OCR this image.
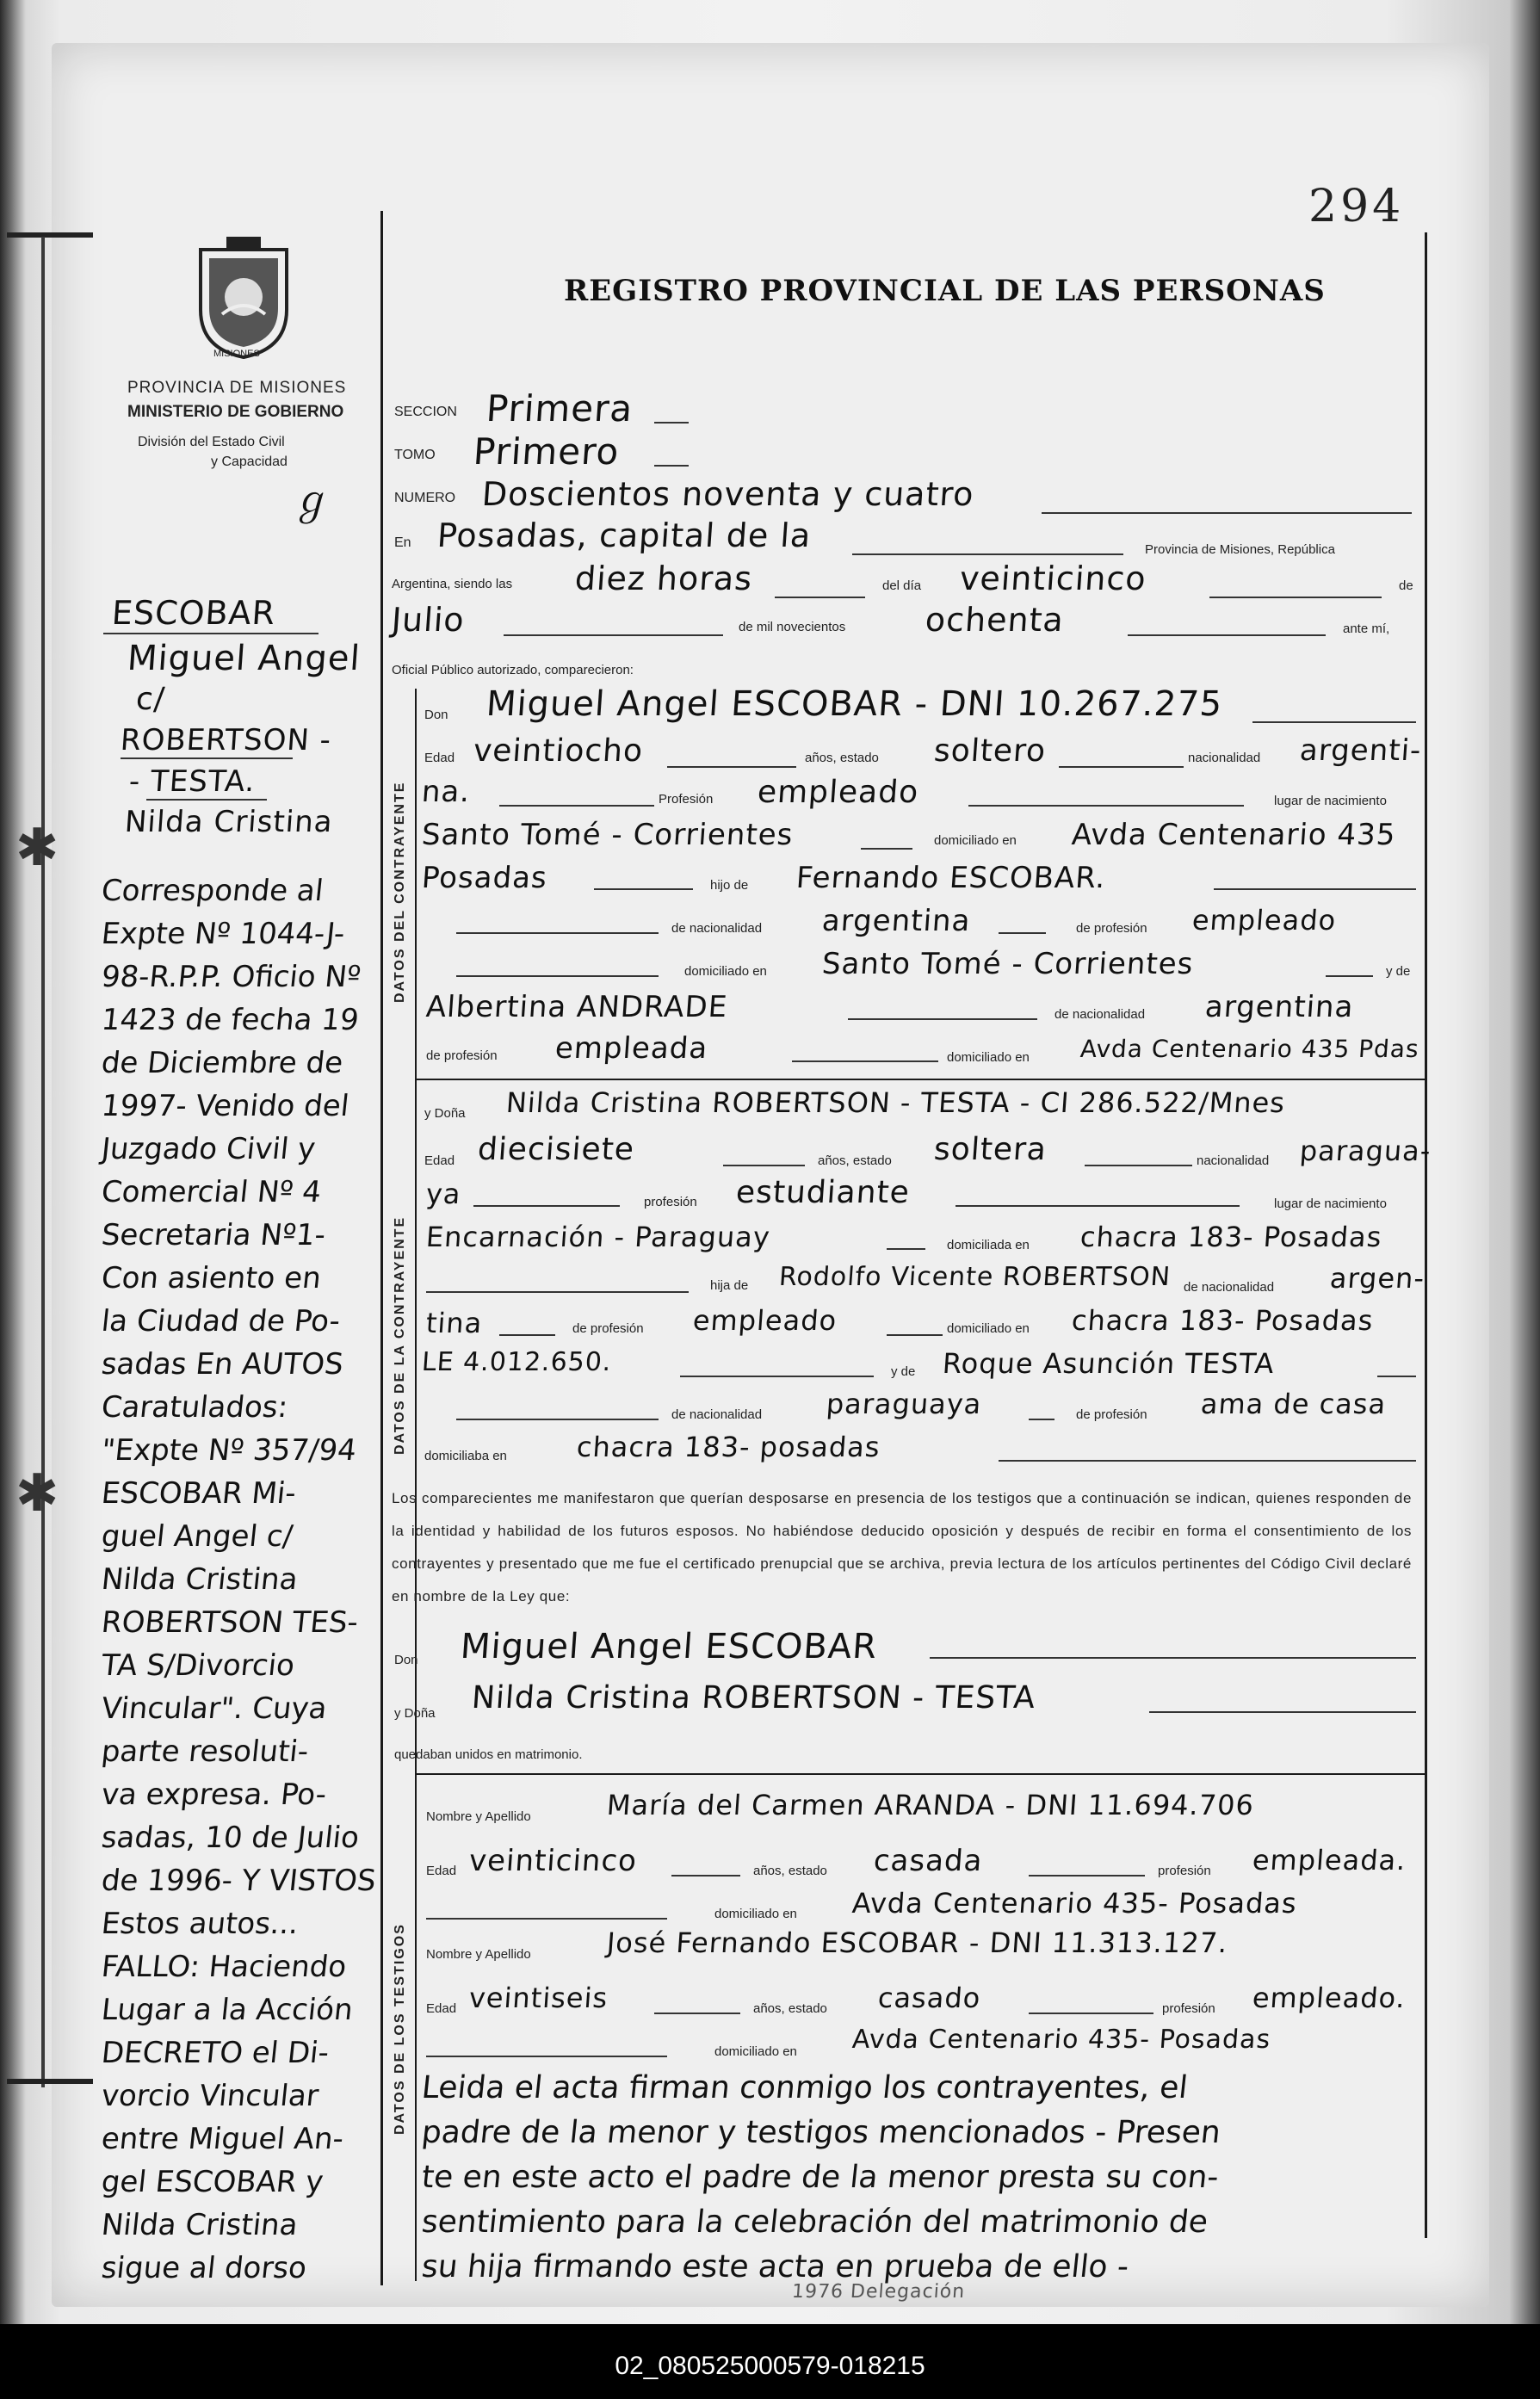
✱
✱
294
MISIONES
PROVINCIA DE MISIONES
MINISTERIO DE GOBIERNO
División del Estado Civil
y Capacidad
ℊ
REGISTRO PROVINCIAL DE LAS PERSONAS
ESCOBAR
Miguel Angel
c/
ROBERTSON -
- TESTA.
Nilda Cristina
Corresponde al
Expte Nº 1044-J-
98-R.P.P. Oficio Nº
1423 de fecha 19
de Diciembre de
1997- Venido del
Juzgado Civil y
Comercial Nº 4
Secretaria Nº1-
Con asiento en
la Ciudad de Po-
sadas En AUTOS
Caratulados:
"Expte Nº 357/94
ESCOBAR Mi-
guel Angel c/
Nilda Cristina
ROBERTSON TES-
TA S/Divorcio
Vincular". Cuya
parte resoluti-
va expresa. Po-
sadas, 10 de Julio
de 1996- Y VISTOS
Estos autos...
FALLO: Haciendo
Lugar a la Acción
DECRETO el Di-
vorcio Vincular
entre Miguel An-
gel ESCOBAR y
Nilda Cristina
sigue al dorso
SECCION Primera
TOMO Primero
NUMERO Doscientos noventa y cuatro
En Posadas, capital de la	Provincia de Misiones, República
Argentina, siendo las diez horas	del día veinticinco	de
Julio	de mil novecientos ochenta	ante mí,
Oficial Público autorizado, comparecieron:
DATOS DEL CONTRAYENTE
Don Miguel Angel ESCOBAR - DNI 10.267.275
Edad veintiocho	años, estado soltero	nacionalidad argenti-
na.	Profesión empleado	lugar de nacimiento
Santo Tomé - Corrientes	domiciliado en Avda Centenario 435
Posadas	hijo de Fernando ESCOBAR.
de nacionalidad argentina	de profesión empleado
domiciliado en Santo Tomé - Corrientes	y de
Albertina ANDRADE	de nacionalidad argentina
de profesión empleada	domiciliado en Avda Centenario 435 Pdas
DATOS DE LA CONTRAYENTE
y Doña Nilda Cristina ROBERTSON - TESTA - CI 286.522/Mnes
Edad diecisiete	años, estado soltera	nacionalidad paragua-
ya	profesión estudiante	lugar de nacimiento
Encarnación - Paraguay	domiciliada en chacra 183- Posadas
hija de Rodolfo Vicente ROBERTSON de nacionalidad argen-
tina	de profesión empleado	domiciliado en chacra 183- Posadas
LE 4.012.650.	y de Roque Asunción TESTA
de nacionalidad paraguaya	de profesión ama de casa
domiciliaba en chacra 183- posadas
Los comparecientes me manifestaron que querían desposarse en presencia de los testigos que a continuación se indican, quienes responden de la identidad y habilidad de los futuros esposos. No habiéndose deducido oposición y después de recibir en forma el consentimiento de los contrayentes y presentado que me fue el certificado prenupcial que se archiva, previa lectura de los artículos pertinentes del Código Civil declaré en nombre de la Ley que:
Don Miguel Angel ESCOBAR
y Doña Nilda Cristina ROBERTSON - TESTA
quedaban unidos en matrimonio.
DATOS DE LOS TESTIGOS
Nombre y Apellido	María del Carmen ARANDA - DNI 11.694.706
Edad veinticinco	años, estado casada	profesión empleada.
domiciliado en Avda Centenario 435- Posadas
Nombre y Apellido	José Fernando ESCOBAR - DNI 11.313.127.
Edad veintiseis	años, estado casado	profesión empleado.
domiciliado en Avda Centenario 435- Posadas
Leida el acta firman conmigo los contrayentes, el
padre de la menor y testigos mencionados - Presen
te en este acto el padre de la menor presta su con-
sentimiento para la celebración del matrimonio de
su hija firmando este acta en prueba de ello -
1976 Delegación
02_080525000579-018215
